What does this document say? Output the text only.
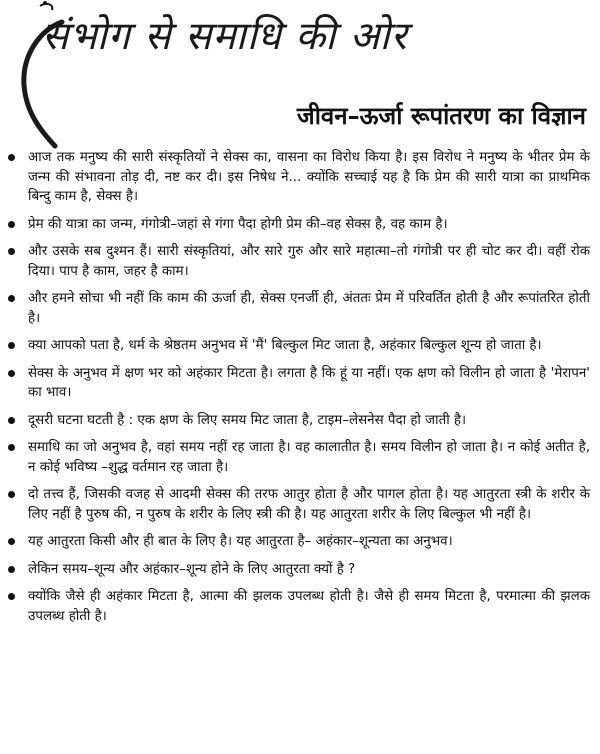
संभोग से समाधि की ओर
जीवन–ऊर्जा रूपांतरण का विज्ञान
आज तक मनुष्य की सारी संस्कृतियों ने सेक्स का, वासना का विरोध किया है। इस विरोध ने मनुष्य के भीतर प्रेम के जन्म की संभावना तोड़ दी, नष्ट कर दी। इस निषेध ने... क्योंकि सच्चाई यह है कि प्रेम की सारी यात्रा का प्राथमिक बिन्दु काम है, सेक्स है।
प्रेम की यात्रा का जन्म, गंगोत्री–जहां से गंगा पैदा होगी प्रेम की–वह सेक्स है, वह काम है।
और उसके सब दुश्मन हैं। सारी संस्कृतियां, और सारे गुरु और सारे महात्मा–तो गंगोत्री पर ही चोट कर दी। वहीं रोक दिया। पाप है काम, जहर है काम।
और हमने सोचा भी नहीं कि काम की ऊर्जा ही, सेक्स एनर्जी ही, अंततः प्रेम में परिवर्तित होती है और रूपांतरित होती है।
क्या आपको पता है, धर्म के श्रेष्ठतम अनुभव में 'मैं' बिल्कुल मिट जाता है, अहंकार बिल्कुल शून्य हो जाता है।
सेक्स के अनुभव में क्षण भर को अहंकार मिटता है। लगता है कि हूं या नहीं। एक क्षण को विलीन हो जाता है 'मेरापन' का भाव।
दूसरी घटना घटती है : एक क्षण के लिए समय मिट जाता है, टाइम–लेसनेस पैदा हो जाती है।
समाधि का जो अनुभव है, वहां समय नहीं रह जाता है। वह कालातीत है। समय विलीन हो जाता है। न कोई अतीत है, न कोई भविष्य –शुद्ध वर्तमान रह जाता है।
दो तत्त्व हैं, जिसकी वजह से आदमी सेक्स की तरफ आतुर होता है और पागल होता है। यह आतुरता स्त्री के शरीर के लिए नहीं है पुरुष की, न पुरुष के शरीर के लिए स्त्री की है। यह आतुरता शरीर के लिए बिल्कुल भी नहीं है।
यह आतुरता किसी और ही बात के लिए है। यह आतुरता है– अहंकार–शून्यता का अनुभव।
लेकिन समय–शून्य और अहंकार–शून्य होने के लिए आतुरता क्यों है ?
क्योंकि जैसे ही अहंकार मिटता है, आत्मा की झलक उपलब्ध होती है। जैसे ही समय मिटता है, परमात्मा की झलक उपलब्ध होती है।
